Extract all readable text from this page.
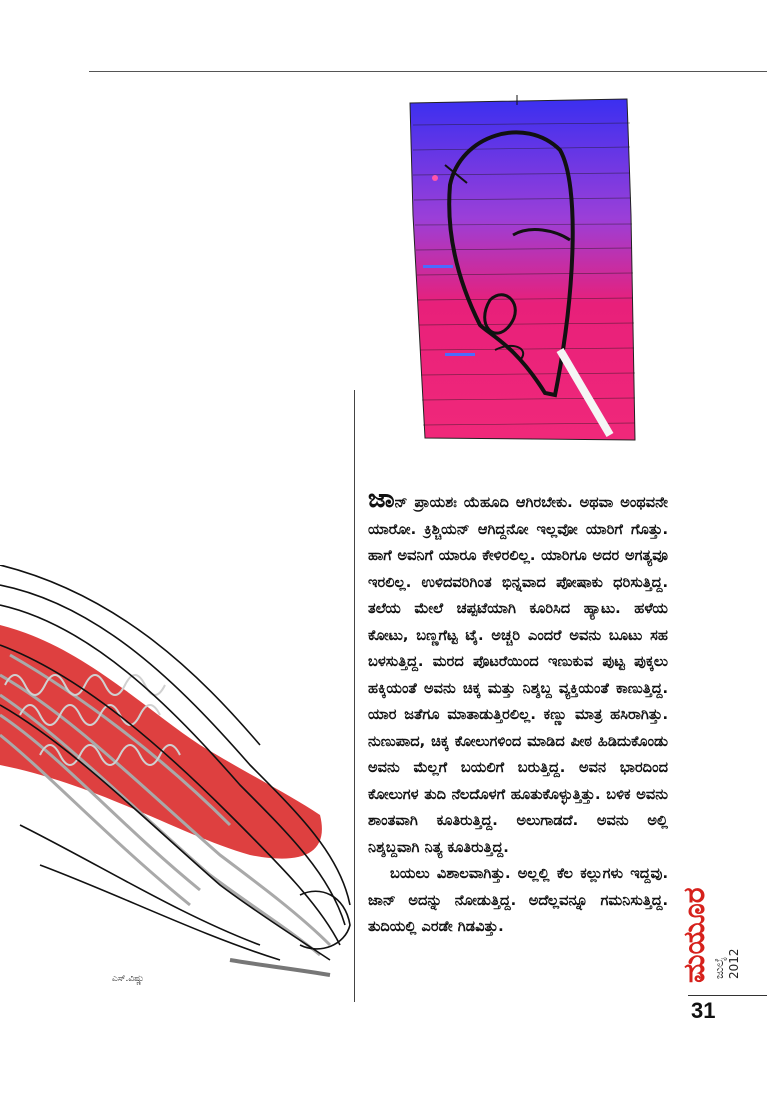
ಎಸ್.ವಿಷ್ಣು

ಜಾನ್ ಪ್ರಾಯಶಃ ಯೆಹೂದಿ ಆಗಿರಬೇಕು. ಅಥವಾ ಅಂಥವನೇ ಯಾರೋ. ಕ್ರಿಶ್ಚಿಯನ್ ಆಗಿದ್ದನೋ ಇಲ್ಲವೋ ಯಾರಿಗೆ ಗೊತ್ತು. ಹಾಗೆ ಅವನಿಗೆ ಯಾರೂ ಕೇಳಿರಲಿಲ್ಲ. ಯಾರಿಗೂ ಅದರ ಅಗತ್ಯವೂ ಇರಲಿಲ್ಲ. ಉಳಿದವರಿಗಿಂತ ಭಿನ್ನವಾದ ಪೋಷಾಕು ಧರಿಸುತ್ತಿದ್ದ. ತಲೆಯ ಮೇಲೆ ಚಪ್ಪಟೆಯಾಗಿ ಕೂರಿಸಿದ ಹ್ಯಾಟು. ಹಳೆಯ ಕೋಟು, ಬಣ್ಣಗೆಟ್ಟ ಟೈ. ಅಚ್ಚರಿ ಎಂದರೆ ಅವನು ಬೂಟು ಸಹ ಬಳಸುತ್ತಿದ್ದ. ಮರದ ಪೊಟರೆಯಿಂದ ಇಣುಕುವ ಪುಟ್ಟ ಪುಕ್ಕಲು ಹಕ್ಕಿಯಂತೆ ಅವನು ಚಿಕ್ಕ ಮತ್ತು ನಿಶ್ಶಬ್ದ ವ್ಯಕ್ತಿಯಂತೆ ಕಾಣುತ್ತಿದ್ದ. ಯಾರ ಜತೆಗೂ ಮಾತಾಡುತ್ತಿರಲಿಲ್ಲ. ಕಣ್ಣು ಮಾತ್ರ ಹಸಿರಾಗಿತ್ತು. ನುಣುಪಾದ, ಚಿಕ್ಕ ಕೋಲುಗಳಿಂದ ಮಾಡಿದ ಪೀಠ ಹಿಡಿದುಕೊಂಡು ಅವನು ಮೆಲ್ಲಗೆ ಬಯಲಿಗೆ ಬರುತ್ತಿದ್ದ. ಅವನ ಭಾರದಿಂದ ಕೋಲುಗಳ ತುದಿ ನೆಲದೊಳಗೆ ಹೂತುಕೊಳ್ಳುತ್ತಿತ್ತು. ಬಳಿಕ ಅವನು ಶಾಂತವಾಗಿ ಕೂತಿರುತ್ತಿದ್ದ. ಅಲುಗಾಡದೆ. ಅವನು ಅಲ್ಲಿ ನಿಶ್ಶಬ್ದವಾಗಿ ನಿತ್ಯ ಕೂತಿರುತ್ತಿದ್ದ.

ಬಯಲು ವಿಶಾಲವಾಗಿತ್ತು. ಅಲ್ಲಲ್ಲಿ ಕೆಲ ಕಲ್ಲುಗಳು ಇದ್ದವು. ಜಾನ್ ಅದನ್ನು ನೋಡುತ್ತಿದ್ದ. ಅದೆಲ್ಲವನ್ನೂ ಗಮನಿಸುತ್ತಿದ್ದ. ತುದಿಯಲ್ಲಿ ಎರಡೇ ಗಿಡವಿತ್ತು.	ಮಯೂರ ಜುಲೈ 2012
31
